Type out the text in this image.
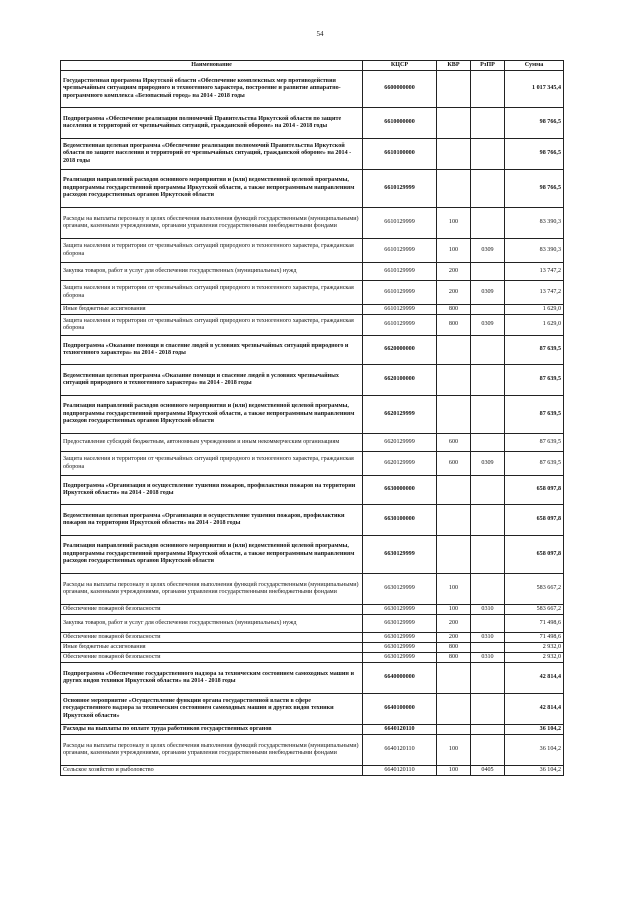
54
Наименование	КЦСР	КВР	РзПР	Сумма
Государственная программа Иркутской области «Обеспечение комплексных мер противодействия чрезвычайным ситуациям природного и техногенного характера, построение и развитие аппаратно-программного комплекса «Безопасный город» на 2014 - 2018 годы	6600000000			1 017 345,4
Подпрограмма «Обеспечение реализации полномочий Правительства Иркутской области по защите населения и территорий от чрезвычайных ситуаций, гражданской обороне» на 2014 - 2018 годы	6610000000			98 766,5
Ведомственная целевая программа «Обеспечение реализации полномочий Правительства Иркутской области по защите населения и территорий от чрезвычайных ситуаций, гражданской обороне» на 2014 - 2018 годы	6610100000			98 766,5
Реализация направлений расходов основного мероприятия и (или) ведомственной целевой программы, подпрограммы государственной программы Иркутской области, а также непрограммным направлениям расходов государственных органов Иркутской области	6610129999			98 766,5
Расходы на выплаты персоналу в целях обеспечения выполнения функций государственными (муниципальными) органами, казенными учреждениями, органами управления государственными внебюджетными фондами	6610129999	100		83 390,3
Защита населения и территории от чрезвычайных ситуаций природного и техногенного характера, гражданская оборона	6610129999	100	0309	83 390,3
Закупка товаров, работ и услуг для обеспечения государственных (муниципальных) нужд	6610129999	200		13 747,2
Защита населения и территории от чрезвычайных ситуаций природного и техногенного характера, гражданская оборона	6610129999	200	0309	13 747,2
Иные бюджетные ассигнования	6610129999	800		1 629,0
Защита населения и территории от чрезвычайных ситуаций природного и техногенного характера, гражданская оборона	6610129999	800	0309	1 629,0
Подпрограмма «Оказание помощи и спасение людей в условиях чрезвычайных ситуаций природного и техногенного характера» на 2014 - 2018 годы	6620000000			87 639,5
Ведомственная целевая программа «Оказание помощи и спасение людей в условиях чрезвычайных ситуаций природного и техногенного характера» на 2014 - 2018 годы	6620100000			87 639,5
Реализация направлений расходов основного мероприятия и (или) ведомственной целевой программы, подпрограммы государственной программы Иркутской области, а также непрограммным направлениям расходов государственных органов Иркутской области	6620129999			87 639,5
Предоставление субсидий бюджетным, автономным учреждениям и иным некоммерческим организациям	6620129999	600		87 639,5
Защита населения и территории от чрезвычайных ситуаций природного и техногенного характера, гражданская оборона	6620129999	600	0309	87 639,5
Подпрограмма «Организация и осуществление тушения пожаров, профилактики пожаров на территории Иркутской области» на 2014 - 2018 годы	6630000000			658 097,8
Ведомственная целевая программа «Организация и осуществление тушения пожаров, профилактики пожаров на территории Иркутской области» на 2014 - 2018 годы	6630100000			658 097,8
Реализация направлений расходов основного мероприятия и (или) ведомственной целевой программы, подпрограммы государственной программы Иркутской области, а также непрограммным направлениям расходов государственных органов Иркутской области	6630129999			658 097,8
Расходы на выплаты персоналу в целях обеспечения выполнения функций государственными (муниципальными) органами, казенными учреждениями, органами управления государственными внебюджетными фондами	6630129999	100		583 667,2
Обеспечение пожарной безопасности	6630129999	100	0310	583 667,2
Закупка товаров, работ и услуг для обеспечения государственных (муниципальных) нужд	6630129999	200		71 498,6
Обеспечение пожарной безопасности	6630129999	200	0310	71 498,6
Иные бюджетные ассигнования	6630129999	800		2 932,0
Обеспечение пожарной безопасности	6630129999	800	0310	2 932,0
Подпрограмма «Обеспечение государственного надзора за техническим состоянием самоходных машин и других видов техники Иркутской области» на 2014 - 2018 годы	6640000000			42 814,4
Основное мероприятие «Осуществление функции органа государственной власти в сфере государственного надзора за техническим состоянием самоходных машин и других видов техники Иркутской области»	6640100000			42 814,4
Расходы на выплаты по оплате труда работников государственных органов	6640120110			36 104,2
Расходы на выплаты персоналу в целях обеспечения выполнения функций государственными (муниципальными) органами, казенными учреждениями, органами управления государственными внебюджетными фондами	6640120110	100		36 104,2
Сельское хозяйство и рыболовство	6640120110	100	0405	36 104,2
